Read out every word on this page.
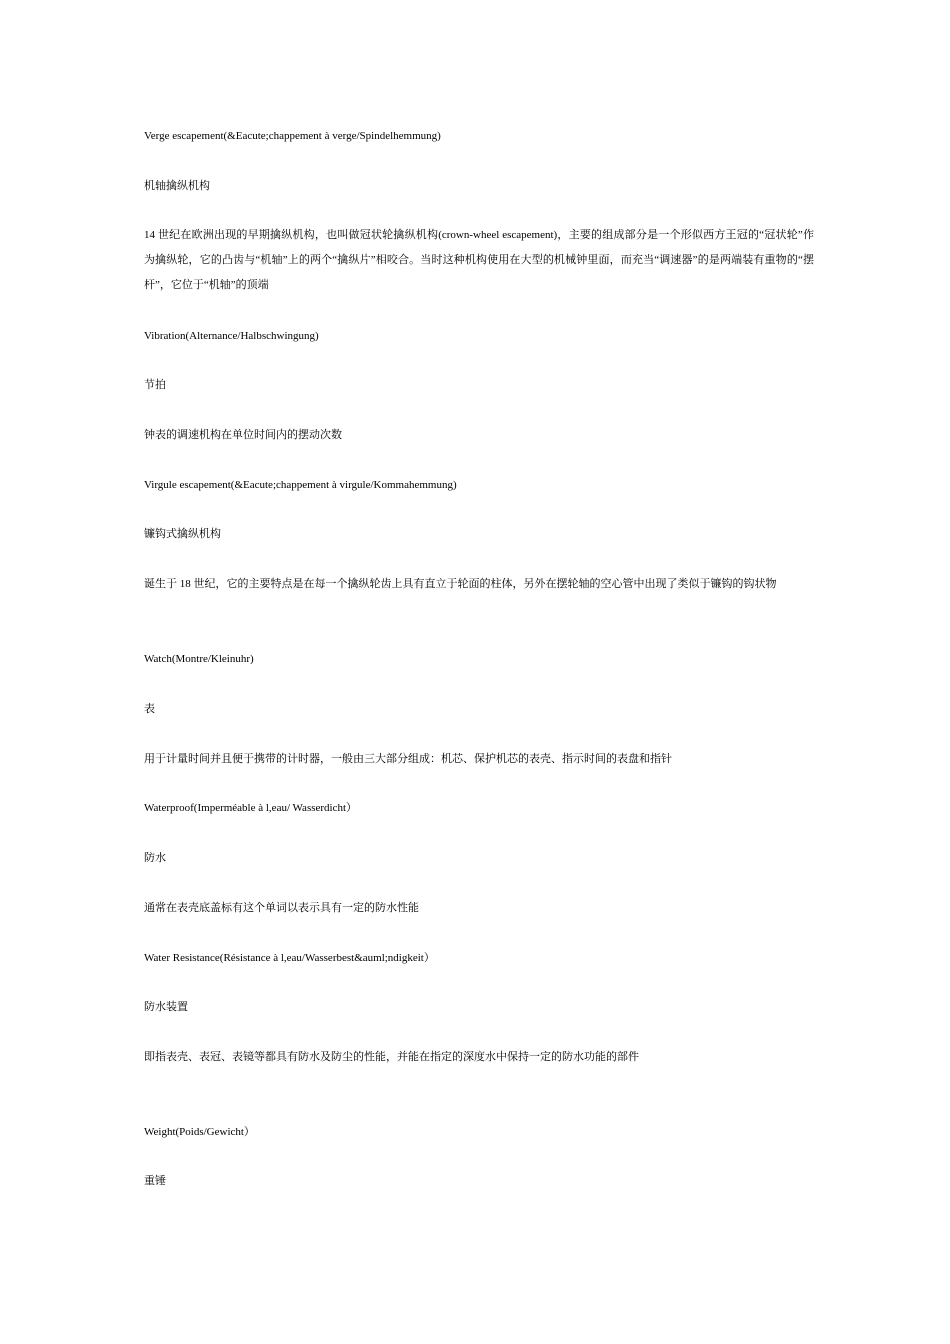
Verge escapement(&Eacute;chappement à verge/Spindelhemmung)
机轴擒纵机构
14 世纪在欧洲出现的早期擒纵机构，也叫做冠状轮擒纵机构(crown-wheel escapement)，主要的组成部分是一个形似西方王冠的“冠状轮”作为擒纵轮，它的凸齿与“机轴”上的两个“擒纵片”相咬合。当时这种机构使用在大型的机械钟里面，而充当“调速器”的是两端装有重物的“摆杆”，它位于“机轴”的顶端
Vibration(Alternance/Halbschwingung)
节拍
钟表的调速机构在单位时间内的摆动次数
Virgule escapement(&Eacute;chappement à virgule/Kommahemmung)
镰钩式擒纵机构
诞生于 18 世纪，它的主要特点是在每一个擒纵轮齿上具有直立于轮面的柱体，另外在摆轮轴的空心管中出现了类似于镰钩的钩状物
Watch(Montre/Kleinuhr)
表
用于计量时间并且便于携带的计时器，一般由三大部分组成：机芯、保护机芯的表壳、指示时间的表盘和指针
Waterproof(Imperméable à l,eau/ Wasserdicht）
防水
通常在表壳底盖标有这个单词以表示具有一定的防水性能
Water Resistance(Résistance à l,eau/Wasserbest&auml;ndigkeit）
防水装置
即指表壳、表冠、表镜等都具有防水及防尘的性能，并能在指定的深度水中保持一定的防水功能的部件
Weight(Poids/Gewicht）
重锤
